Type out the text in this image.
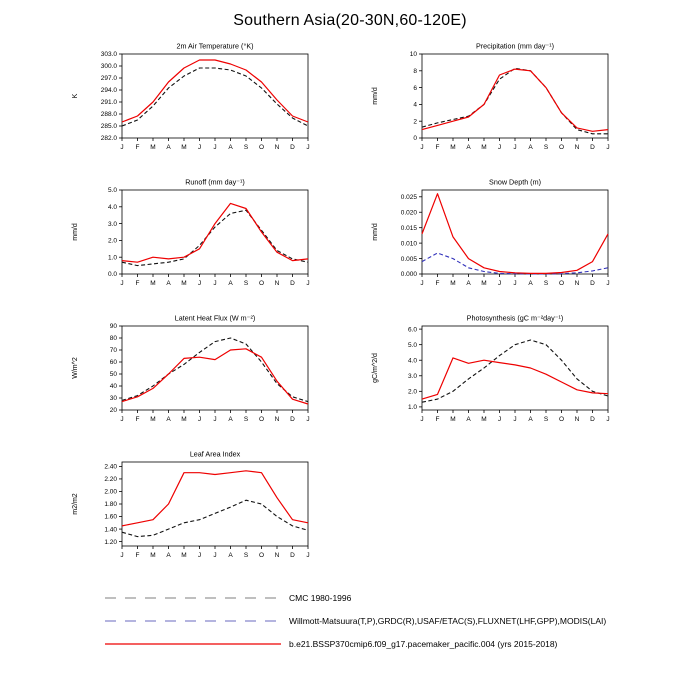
Southern Asia(20-30N,60-120E)
2m Air Temperature (°K)
K
282.0
285.0
288.0
291.0
294.0
297.0
300.0
303.0
J F M A M J J A S O N D J
Precipitation (mm day⁻¹)
mm/d
0
2
4
6
8
10
J F M A M J J A S O N D J
Runoff (mm day⁻¹)
mm/d
0.0
1.0
2.0
3.0
4.0
5.0
J F M A M J J A S O N D J
Snow Depth (m)
mm/d
0.000
0.005
0.010
0.015
0.020
0.025
J F M A M J J A S O N D J
Latent Heat Flux (W m⁻²)
W/m^2
20
30
40
50
60
70
80
90
J F M A M J J A S O N D J
Photosynthesis (gC m⁻²day⁻¹)
gC/m^2/d
1.0
2.0
3.0
4.0
5.0
6.0
J F M A M J J A S O N D J
Leaf Area Index
m2/m2
1.20
1.40
1.60
1.80
2.00
2.20
2.40
J F M A M J J A S O N D J
CMC 1980-1996
Willmott-Matsuura(T,P),GRDC(R),USAF/ETAC(S),FLUXNET(LHF,GPP),MODIS(LAI)
b.e21.BSSP370cmip6.f09_g17.pacemaker_pacific.004 (yrs 2015-2018)
